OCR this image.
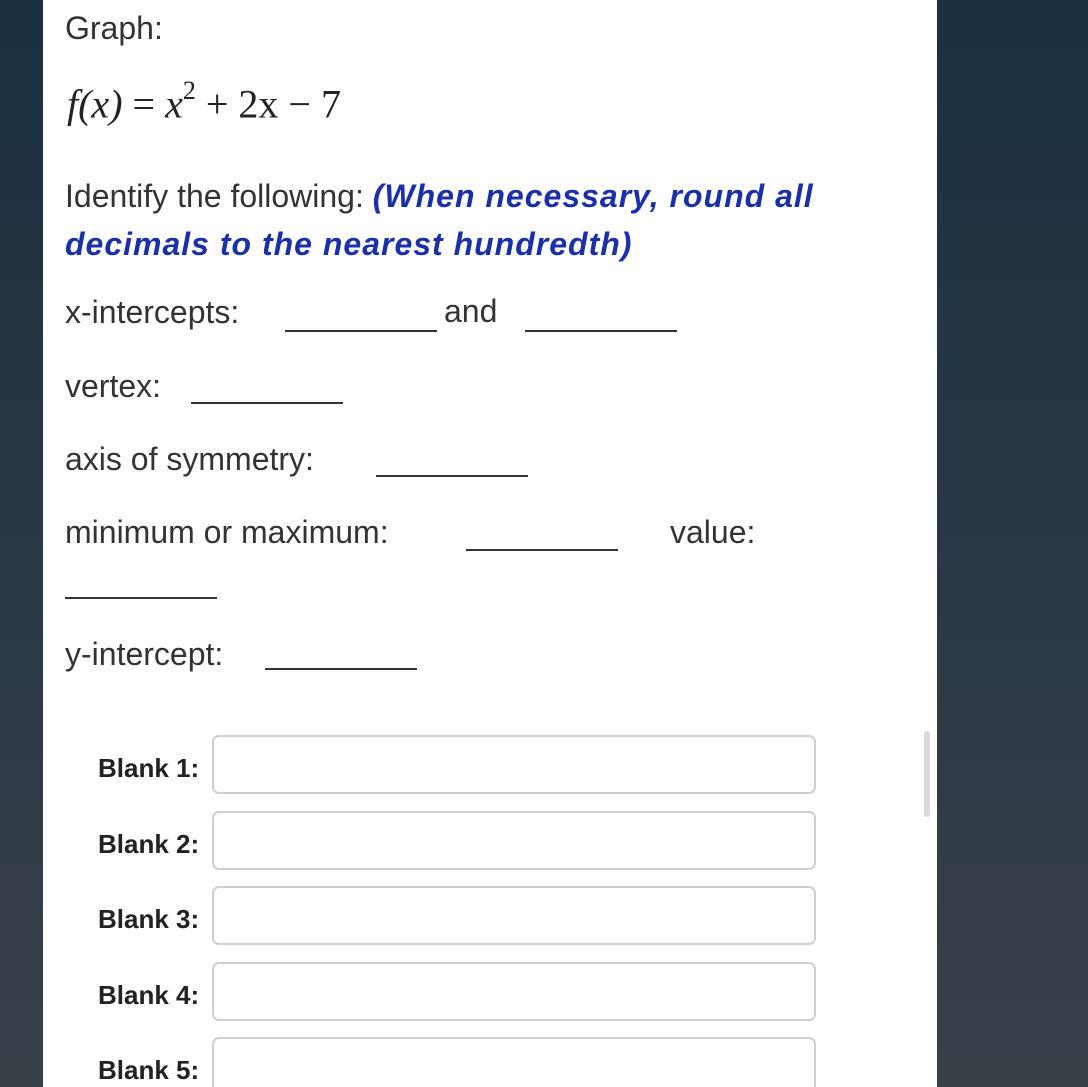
Graph:
$f(x) = x^2 + 2x - 7$
Identify the following: (When necessary, round all decimals to the nearest hundredth)
x-intercepts:	and
vertex:
axis of symmetry:
minimum or maximum:	value:
y-intercept:
Blank 1:
Blank 2:
Blank 3:
Blank 4:
Blank 5:
